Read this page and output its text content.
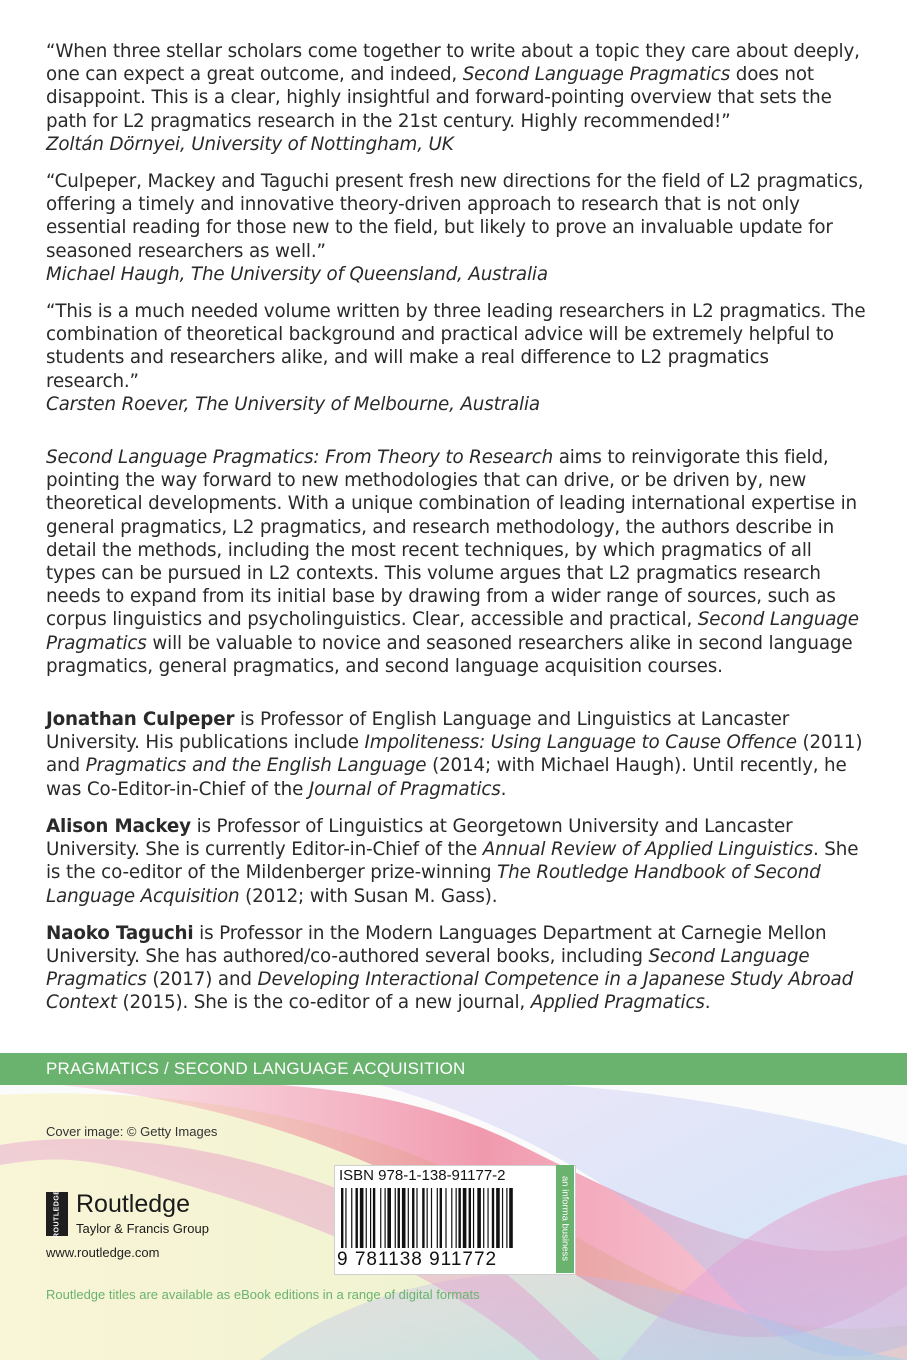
“When three stellar scholars come together to write about a topic they care about deeply, one can expect a great outcome, and indeed, Second Language Pragmatics does not disappoint. This is a clear, highly insightful and forward-pointing overview that sets the path for L2 pragmatics research in the 21st century. Highly recommended!”
Zoltán Dörnyei, University of Nottingham, UK
“Culpeper, Mackey and Taguchi present fresh new directions for the field of L2 pragmatics, offering a timely and innovative theory-driven approach to research that is not only essential reading for those new to the field, but likely to prove an invaluable update for seasoned researchers as well.”
Michael Haugh, The University of Queensland, Australia
“This is a much needed volume written by three leading researchers in L2 pragmatics. The combination of theoretical background and practical advice will be extremely helpful to students and researchers alike, and will make a real difference to L2 pragmatics research.”
Carsten Roever, The University of Melbourne, Australia
Second Language Pragmatics: From Theory to Research aims to reinvigorate this field, pointing the way forward to new methodologies that can drive, or be driven by, new theoretical developments. With a unique combination of leading international expertise in general pragmatics, L2 pragmatics, and research methodology, the authors describe in detail the methods, including the most recent techniques, by which pragmatics of all types can be pursued in L2 contexts. This volume argues that L2 pragmatics research needs to expand from its initial base by drawing from a wider range of sources, such as corpus linguistics and psycholinguistics. Clear, accessible and practical, Second Language Pragmatics will be valuable to novice and seasoned researchers alike in second language pragmatics, general pragmatics, and second language acquisition courses.
Jonathan Culpeper is Professor of English Language and Linguistics at Lancaster University. His publications include Impoliteness: Using Language to Cause Offence (2011) and Pragmatics and the English Language (2014; with Michael Haugh). Until recently, he was Co-Editor-in-Chief of the Journal of Pragmatics.
Alison Mackey is Professor of Linguistics at Georgetown University and Lancaster University. She is currently Editor-in-Chief of the Annual Review of Applied Linguistics. She is the co-editor of the Mildenberger prize-winning The Routledge Handbook of Second Language Acquisition (2012; with Susan M. Gass).
Naoko Taguchi is Professor in the Modern Languages Department at Carnegie Mellon University. She has authored/co-authored several books, including Second Language Pragmatics (2017) and Developing Interactional Competence in a Japanese Study Abroad Context (2015). She is the co-editor of a new journal, Applied Pragmatics.
PRAGMATICS / SECOND LANGUAGE ACQUISITION
Cover image: © Getty Images
ROUTLEDGE Routledge
Taylor & Francis Group
www.routledge.com
ISBN 978-1-138-91177-2
9 781138 911772	an informa business
Routledge titles are available as eBook editions in a range of digital formats
